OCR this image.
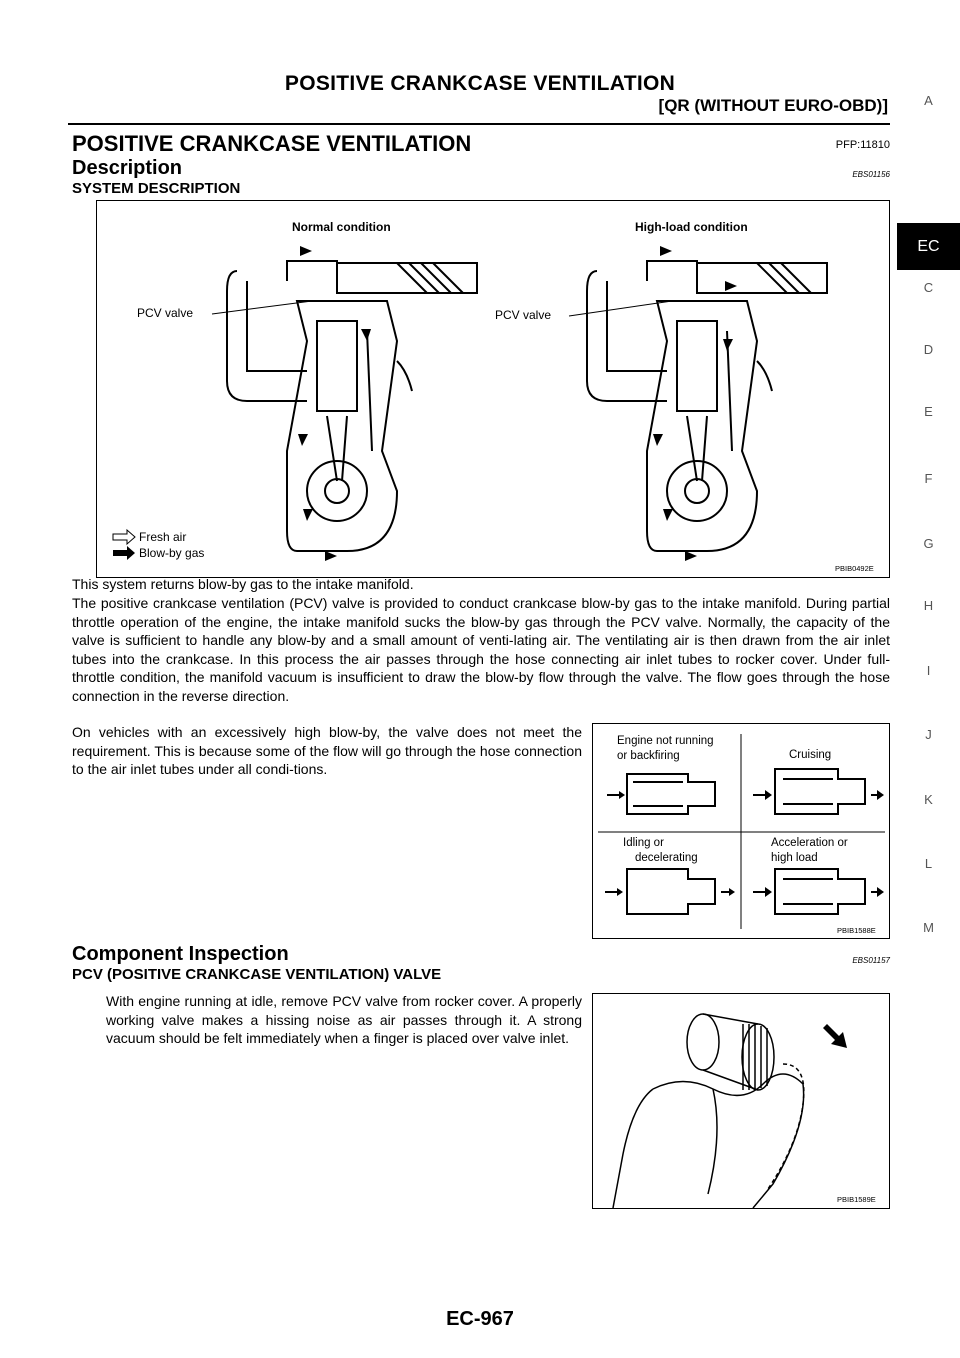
POSITIVE CRANKCASE VENTILATION
[QR (WITHOUT EURO-OBD)]
POSITIVE CRANKCASE VENTILATION	PFP:11810
Description	EBS01156
SYSTEM DESCRIPTION
Normal condition	High-load condition
PCV valve	PCV valve
Fresh air
Blow-by gas
PBIB0492E
This system returns blow-by gas to the intake manifold.
The positive crankcase ventilation (PCV) valve is provided to conduct crankcase blow-by gas to the intake manifold. During partial throttle operation of the engine, the intake manifold sucks the blow-by gas through the PCV valve. Normally, the capacity of the valve is sufficient to handle any blow-by and a small amount of venti-lating air. The ventilating air is then drawn from the air inlet tubes into the crankcase. In this process the air passes through the hose connecting air inlet tubes to rocker cover. Under full-throttle condition, the manifold vacuum is insufficient to draw the blow-by flow through the valve. The flow goes through the hose connection in the reverse direction.
On vehicles with an excessively high blow-by, the valve does not meet the requirement. This is because some of the flow will go through the hose connection to the air inlet tubes under all condi-tions.
Engine not running
or backfiring	Cruising
Idling or
decelerating
Acceleration or
high load
PBIB1588E
Component Inspection	EBS01157
PCV (POSITIVE CRANKCASE VENTILATION) VALVE
With engine running at idle, remove PCV valve from rocker cover. A properly working valve makes a hissing noise as air passes through it. A strong vacuum should be felt immediately when a finger is placed over valve inlet.
PBIB1589E
A
EC
C
D
E
F
G
H
I
J
K
L
M
EC-967
